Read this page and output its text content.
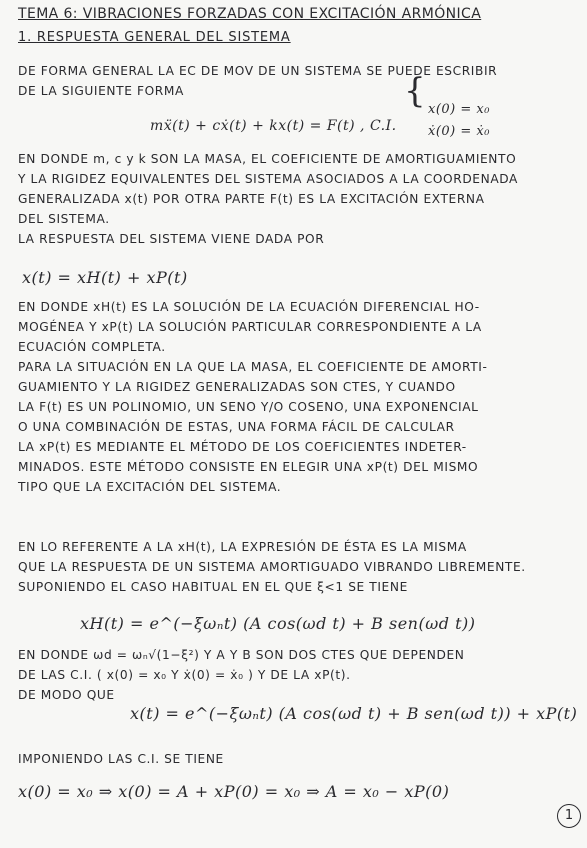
TEMA 6: VIBRACIONES FORZADAS CON EXCITACIÓN ARMÓNICA
1. RESPUESTA GENERAL DEL SISTEMA
DE FORMA GENERAL LA EC DE MOV DE UN SISTEMA SE PUEDE ESCRIBIR
DE LA SIGUIENTE FORMA
mẍ(t) + cẋ(t) + kx(t) = F(t) , C.I.
{ x(0) = x₀
ẋ(0) = ẋ₀
EN DONDE m, c y k SON LA MASA, EL COEFICIENTE DE AMORTIGUAMIENTO
Y LA RIGIDEZ EQUIVALENTES DEL SISTEMA ASOCIADOS A LA COORDENADA
GENERALIZADA x(t) POR OTRA PARTE F(t) ES LA EXCITACIÓN EXTERNA
DEL SISTEMA.
LA RESPUESTA DEL SISTEMA VIENE DADA POR
x(t) = xH(t) + xP(t)
EN DONDE xH(t) ES LA SOLUCIÓN DE LA ECUACIÓN DIFERENCIAL HO-
MOGÉNEA Y xP(t) LA SOLUCIÓN PARTICULAR CORRESPONDIENTE A LA
ECUACIÓN COMPLETA.
PARA LA SITUACIÓN EN LA QUE LA MASA, EL COEFICIENTE DE AMORTI-
GUAMIENTO Y LA RIGIDEZ GENERALIZADAS SON CTES, Y CUANDO
LA F(t) ES UN POLINOMIO, UN SENO Y/O COSENO, UNA EXPONENCIAL
O UNA COMBINACIÓN DE ESTAS, UNA FORMA FÁCIL DE CALCULAR
LA xP(t) ES MEDIANTE EL MÉTODO DE LOS COEFICIENTES INDETER-
MINADOS. ESTE MÉTODO CONSISTE EN ELEGIR UNA xP(t) DEL MISMO
TIPO QUE LA EXCITACIÓN DEL SISTEMA.
EN LO REFERENTE A LA xH(t), LA EXPRESIÓN DE ÉSTA ES LA MISMA
QUE LA RESPUESTA DE UN SISTEMA AMORTIGUADO VIBRANDO LIBREMENTE.
SUPONIENDO EL CASO HABITUAL EN EL QUE ξ<1 SE TIENE
xH(t) = e^(−ξωₙt) (A cos(ωd t) + B sen(ωd t))
EN DONDE ωd = ωₙ√(1−ξ²) Y A Y B SON DOS CTES QUE DEPENDEN
DE LAS C.I. ( x(0) = x₀ Y ẋ(0) = ẋ₀ ) Y DE LA xP(t).
DE MODO QUE
x(t) = e^(−ξωₙt) (A cos(ωd t) + B sen(ωd t)) + xP(t)
IMPONIENDO LAS C.I. SE TIENE
x(0) = x₀ ⇒ x(0) = A + xP(0) = x₀ ⇒ A = x₀ − xP(0)
1
